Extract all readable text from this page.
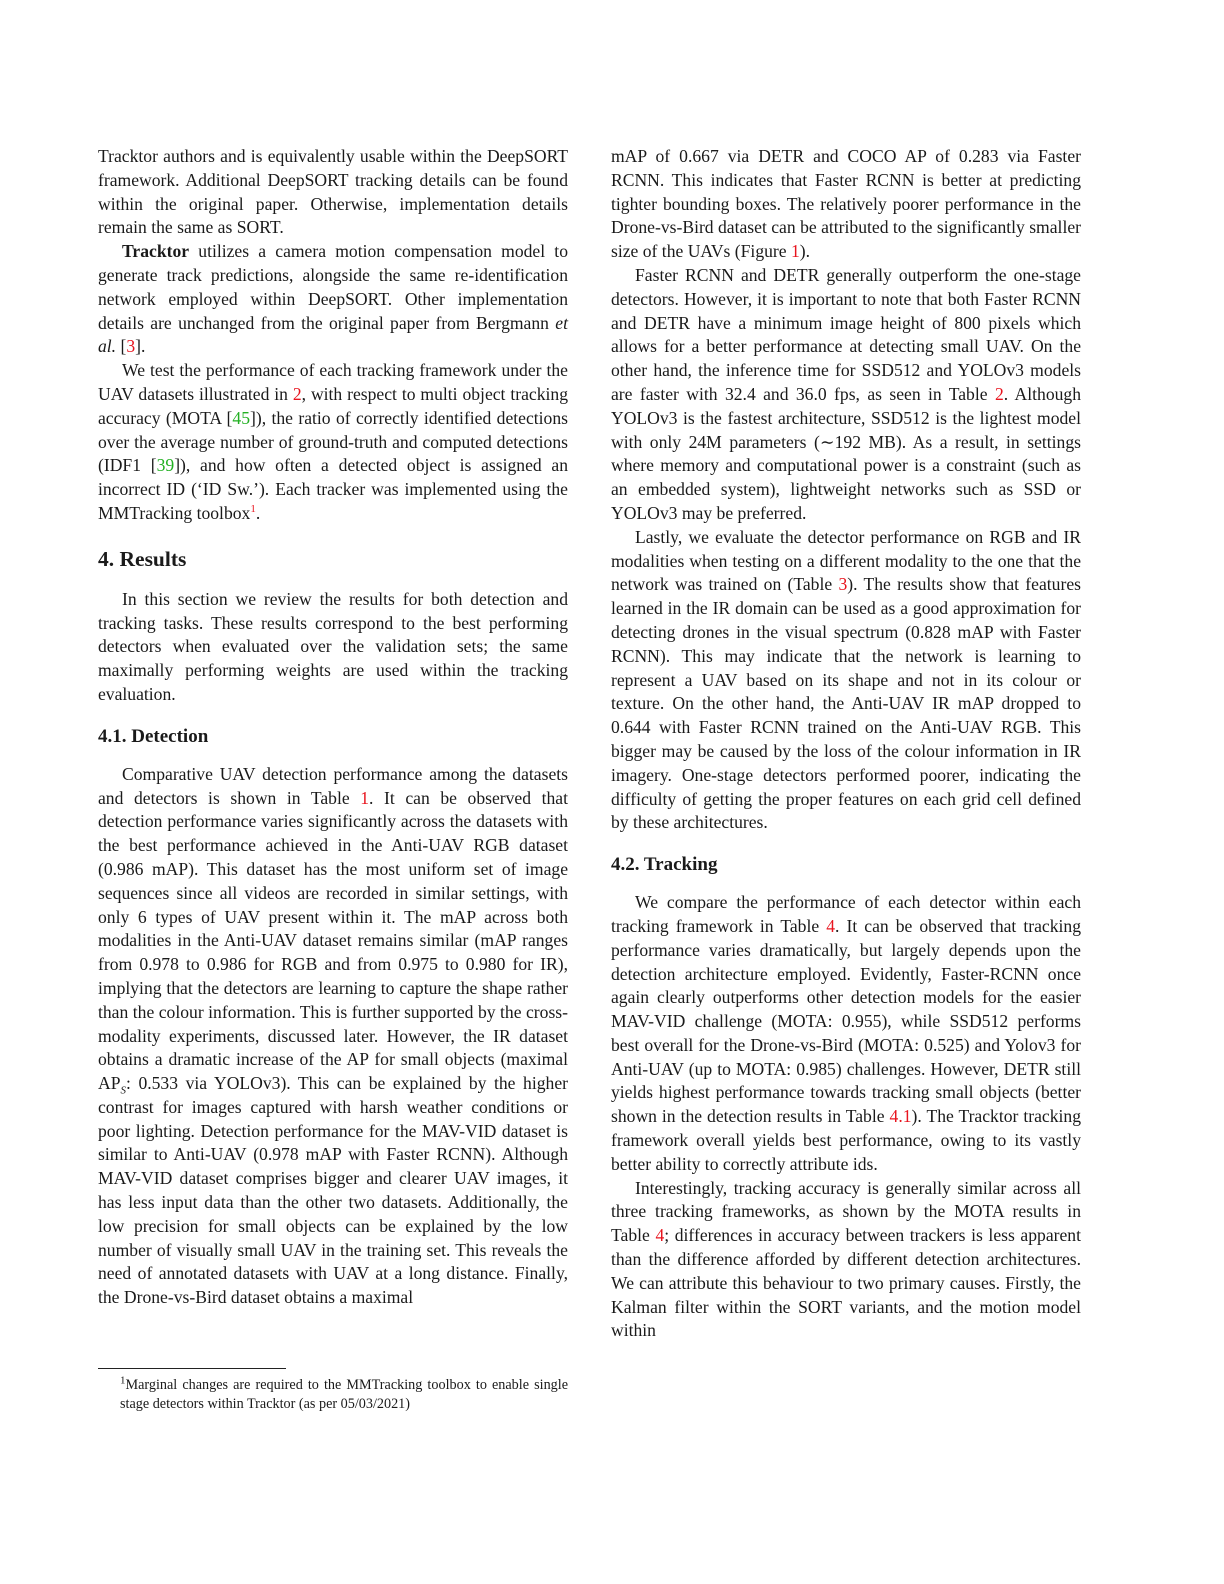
Tracktor authors and is equivalently usable within the DeepSORT framework. Additional DeepSORT tracking details can be found within the original paper. Otherwise, implementation details remain the same as SORT.

Tracktor utilizes a camera motion compensation model to generate track predictions, alongside the same re-identification network employed within DeepSORT. Other implementation details are unchanged from the original paper from Bergmann et al. [3].

We test the performance of each tracking framework under the UAV datasets illustrated in 2, with respect to multi object tracking accuracy (MOTA [45]), the ratio of correctly identified detections over the average number of ground-truth and computed detections (IDF1 [39]), and how often a detected object is assigned an incorrect ID (‘ID Sw.’). Each tracker was implemented using the MMTracking toolbox$^1$.

4. Results

In this section we review the results for both detection and tracking tasks. These results correspond to the best performing detectors when evaluated over the validation sets; the same maximally performing weights are used within the tracking evaluation.

4.1. Detection

Comparative UAV detection performance among the datasets and detectors is shown in Table 1. It can be observed that detection performance varies significantly across the datasets with the best performance achieved in the Anti-UAV RGB dataset (0.986 mAP). This dataset has the most uniform set of image sequences since all videos are recorded in similar settings, with only 6 types of UAV present within it. The mAP across both modalities in the Anti-UAV dataset remains similar (mAP ranges from 0.978 to 0.986 for RGB and from 0.975 to 0.980 for IR), implying that the detectors are learning to capture the shape rather than the colour information. This is further supported by the cross-modality experiments, discussed later. However, the IR dataset obtains a dramatic increase of the AP for small objects (maximal $AP_S$: 0.533 via YOLOv3). This can be explained by the higher contrast for images captured with harsh weather conditions or poor lighting. Detection performance for the MAV-VID dataset is similar to Anti-UAV (0.978 mAP with Faster RCNN). Although MAV-VID dataset comprises bigger and clearer UAV images, it has less input data than the other two datasets. Additionally, the low precision for small objects can be explained by the low number of visually small UAV in the training set. This reveals the need of annotated datasets with UAV at a long distance. Finally, the Drone-vs-Bird dataset obtains a maximal

$^1$Marginal changes are required to the MMTracking toolbox to enable single stage detectors within Tracktor (as per 05/03/2021)

mAP of 0.667 via DETR and COCO AP of 0.283 via Faster RCNN. This indicates that Faster RCNN is better at predicting tighter bounding boxes. The relatively poorer performance in the Drone-vs-Bird dataset can be attributed to the significantly smaller size of the UAVs (Figure 1).

Faster RCNN and DETR generally outperform the one-stage detectors. However, it is important to note that both Faster RCNN and DETR have a minimum image height of 800 pixels which allows for a better performance at detecting small UAV. On the other hand, the inference time for SSD512 and YOLOv3 models are faster with 32.4 and 36.0 fps, as seen in Table 2. Although YOLOv3 is the fastest architecture, SSD512 is the lightest model with only 24M parameters (∼192 MB). As a result, in settings where memory and computational power is a constraint (such as an embedded system), lightweight networks such as SSD or YOLOv3 may be preferred.

Lastly, we evaluate the detector performance on RGB and IR modalities when testing on a different modality to the one that the network was trained on (Table 3). The results show that features learned in the IR domain can be used as a good approximation for detecting drones in the visual spectrum (0.828 mAP with Faster RCNN). This may indicate that the network is learning to represent a UAV based on its shape and not in its colour or texture. On the other hand, the Anti-UAV IR mAP dropped to 0.644 with Faster RCNN trained on the Anti-UAV RGB. This bigger may be caused by the loss of the colour information in IR imagery. One-stage detectors performed poorer, indicating the difficulty of getting the proper features on each grid cell defined by these architectures.

4.2. Tracking

We compare the performance of each detector within each tracking framework in Table 4. It can be observed that tracking performance varies dramatically, but largely depends upon the detection architecture employed. Evidently, Faster-RCNN once again clearly outperforms other detection models for the easier MAV-VID challenge (MOTA: 0.955), while SSD512 performs best overall for the Drone-vs-Bird (MOTA: 0.525) and Yolov3 for Anti-UAV (up to MOTA: 0.985) challenges. However, DETR still yields highest performance towards tracking small objects (better shown in the detection results in Table 4.1). The Tracktor tracking framework overall yields best performance, owing to its vastly better ability to correctly attribute ids.

Interestingly, tracking accuracy is generally similar across all three tracking frameworks, as shown by the MOTA results in Table 4; differences in accuracy between trackers is less apparent than the difference afforded by different detection architectures. We can attribute this behaviour to two primary causes. Firstly, the Kalman filter within the SORT variants, and the motion model within
